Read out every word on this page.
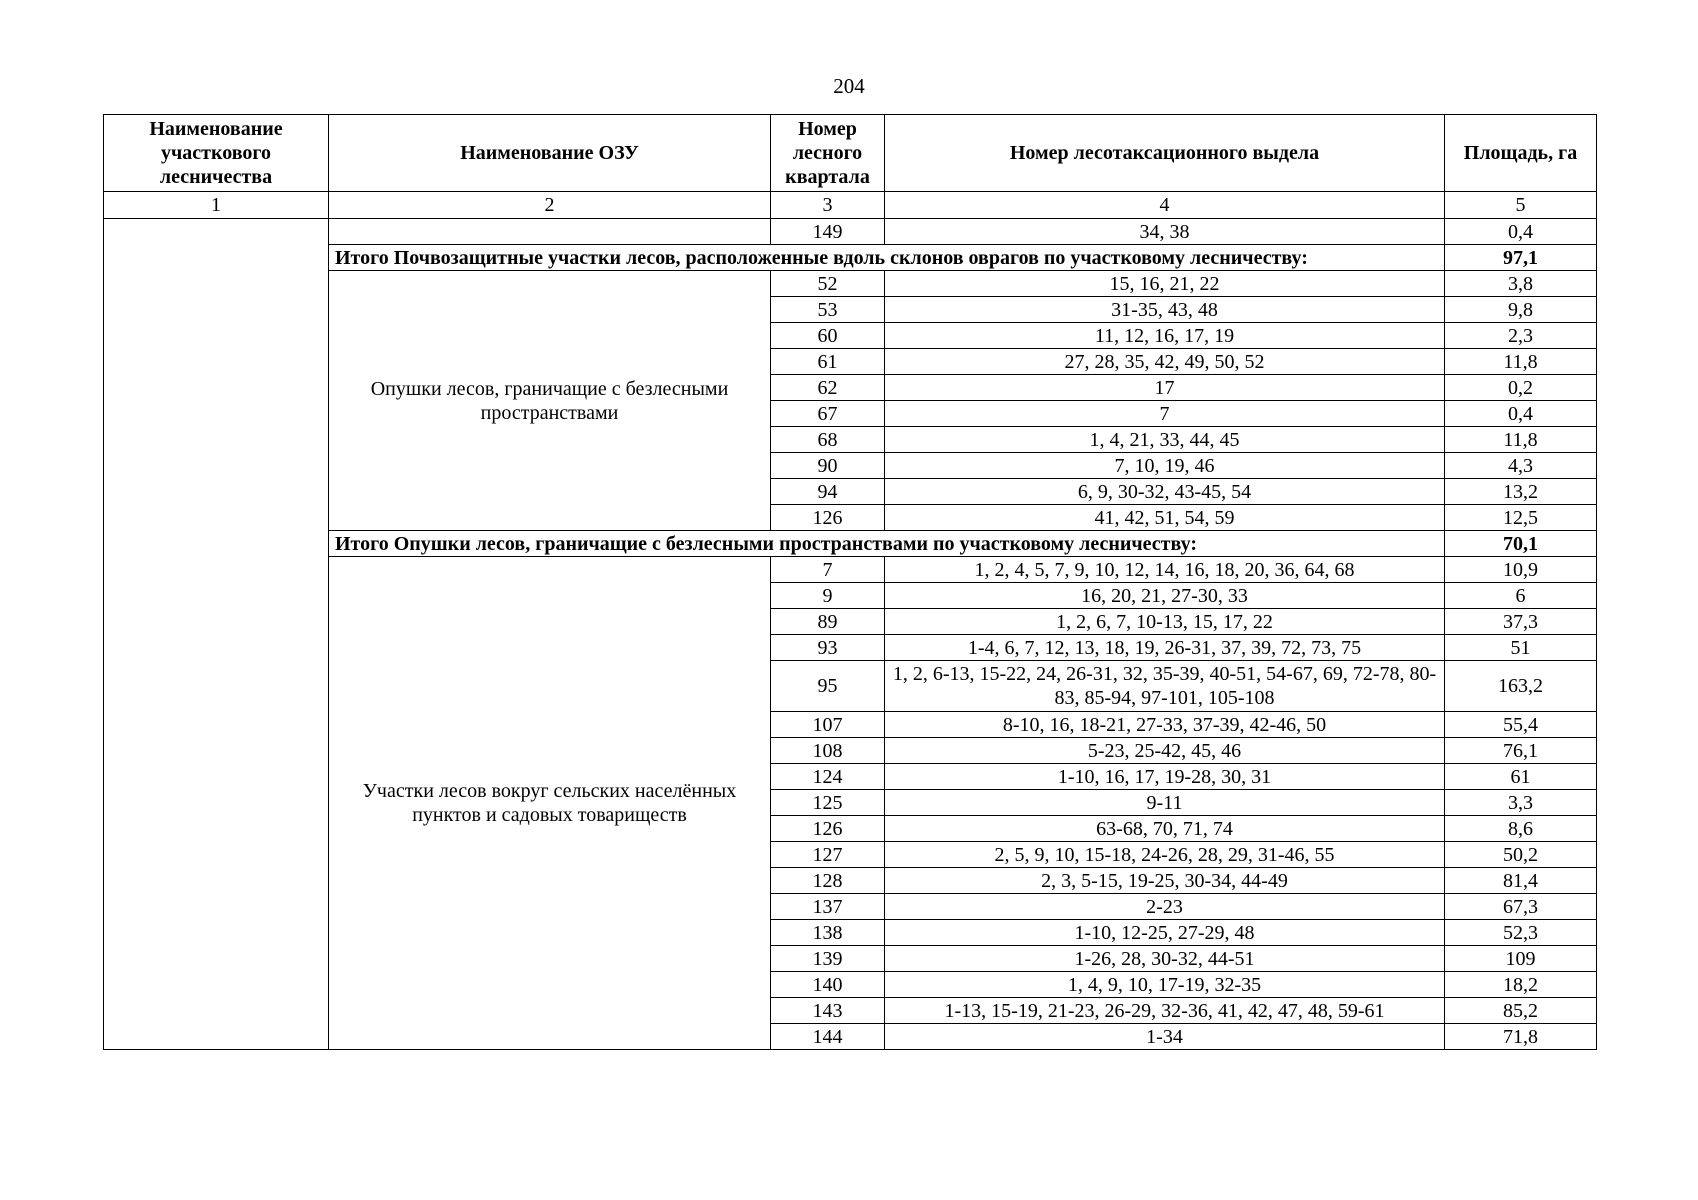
204
Наименование участкового лесничества	Наименование ОЗУ	Номер лесного квартала	Номер лесотаксационного выдела	Площадь, га
1	2	3	4	5
		149	34, 38	0,4
	Итого Почвозащитные участки лесов, расположенные вдоль склонов оврагов по участковому лесничеству:			97,1
	Опушки лесов, граничащие с безлесными пространствами	52	15, 16, 21, 22	3,8
		53	31-35, 43, 48	9,8
		60	11, 12, 16, 17, 19	2,3
		61	27, 28, 35, 42, 49, 50, 52	11,8
		62	17	0,2
		67	7	0,4
		68	1, 4, 21, 33, 44, 45	11,8
		90	7, 10, 19, 46	4,3
		94	6, 9, 30-32, 43-45, 54	13,2
		126	41, 42, 51, 54, 59	12,5
	Итого Опушки лесов, граничащие с безлесными пространствами по участковому лесничеству:			70,1
	Участки лесов вокруг сельских населённых пунктов и садовых товариществ	7	1, 2, 4, 5, 7, 9, 10, 12, 14, 16, 18, 20, 36, 64, 68	10,9
		9	16, 20, 21, 27-30, 33	6
		89	1, 2, 6, 7, 10-13, 15, 17, 22	37,3
		93	1-4, 6, 7, 12, 13, 18, 19, 26-31, 37, 39, 72, 73, 75	51
		95	1, 2, 6-13, 15-22, 24, 26-31, 32, 35-39, 40-51, 54-67, 69, 72-78, 80-83, 85-94, 97-101, 105-108	163,2
		107	8-10, 16, 18-21, 27-33, 37-39, 42-46, 50	55,4
		108	5-23, 25-42, 45, 46	76,1
		124	1-10, 16, 17, 19-28, 30, 31	61
		125	9-11	3,3
		126	63-68, 70, 71, 74	8,6
		127	2, 5, 9, 10, 15-18, 24-26, 28, 29, 31-46, 55	50,2
		128	2, 3, 5-15, 19-25, 30-34, 44-49	81,4
		137	2-23	67,3
		138	1-10, 12-25, 27-29, 48	52,3
		139	1-26, 28, 30-32, 44-51	109
		140	1, 4, 9, 10, 17-19, 32-35	18,2
		143	1-13, 15-19, 21-23, 26-29, 32-36, 41, 42, 47, 48, 59-61	85,2
		144	1-34	71,8
